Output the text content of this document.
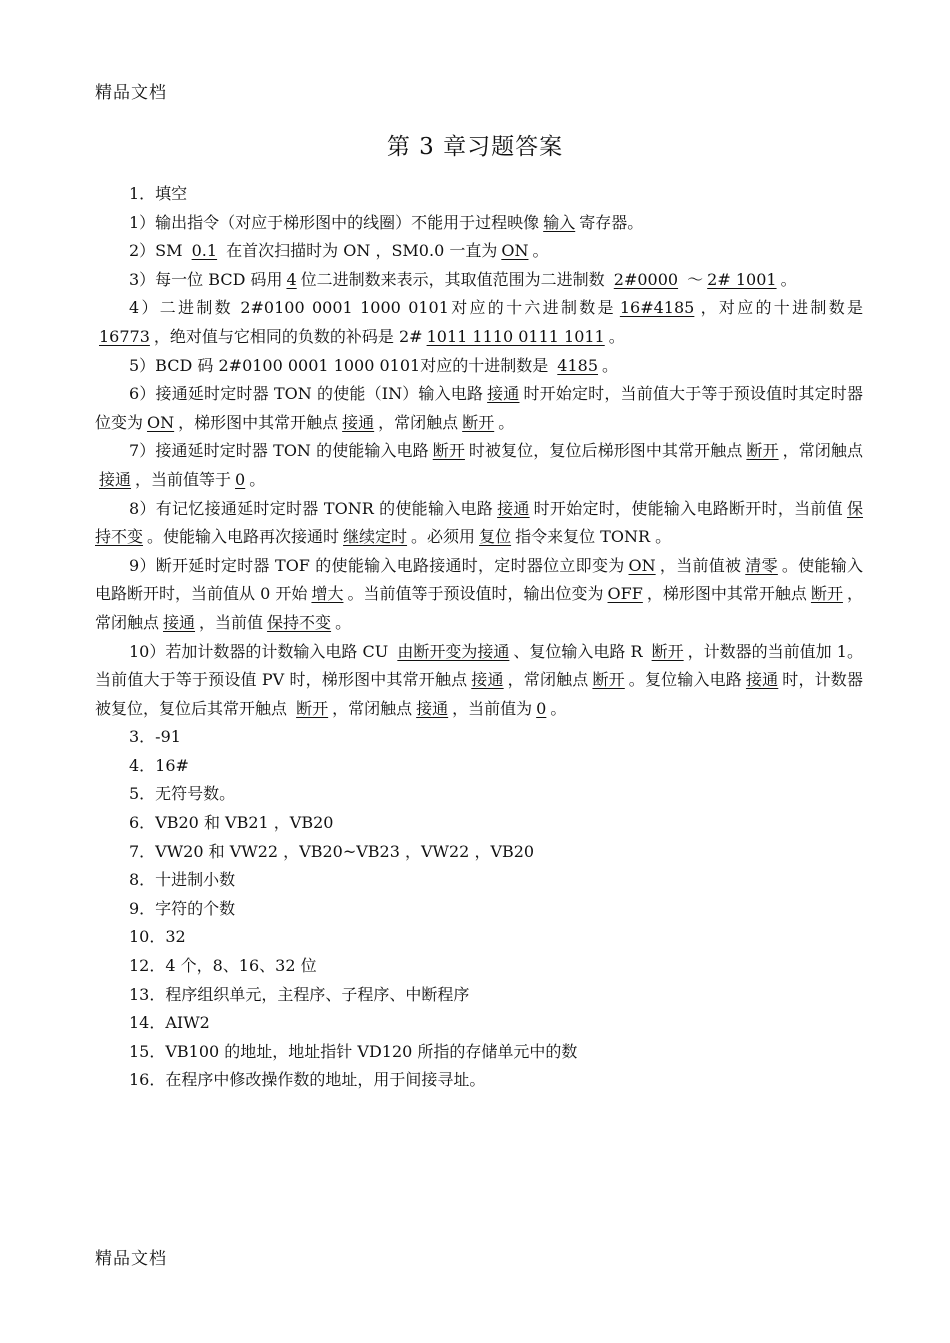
精品文档
第 3 章习题答案

1．填空

1）输出指令（对应于梯形图中的线圈）不能用于过程映像 输入 寄存器。

2）SM 0.1 在首次扫描时为 ON ，SM0.0 一直为 ON 。

3）每一位 BCD 码用 4 位二进制数来表示，其取值范围为二进制数 2#0000 ～ 2# 1001 。

4）二进制数 2#0100 0001 1000 0101对应的十六进制数是 16#4185 ，对应的十进制数是16773 ，绝对值与它相同的负数的补码是 2# 1011 1110 0111 1011 。

5）BCD 码 2#0100 0001 1000 0101对应的十进制数是 4185 。

6）接通延时定时器 TON 的使能（IN）输入电路 接通 时开始定时，当前值大于等于预设值时其定时器位变为 ON ，梯形图中其常开触点 接通 ，常闭触点 断开 。

7）接通延时定时器 TON 的使能输入电路 断开 时被复位，复位后梯形图中其常开触点 断开 ，常闭触点接通 ，当前值等于 0 。

8）有记忆接通延时定时器 TONR 的使能输入电路 接通 时开始定时，使能输入电路断开时，当前值 保持不变 。使能输入电路再次接通时 继续定时 。必须用 复位 指令来复位 TONR 。

9）断开延时定时器 TOF 的使能输入电路接通时，定时器位立即变为 ON ，当前值被 清零 。使能输入电路断开时，当前值从 0 开始 增大 。当前值等于预设值时，输出位变为 OFF ，梯形图中其常开触点 断开 ，常闭触点 接通 ，当前值 保持不变 。

10）若加计数器的计数输入电路 CU 由断开变为接通 、复位输入电路 R 断开 ，计数器的当前值加 1。当前值大于等于预设值 PV 时，梯形图中其常开触点 接通 ，常闭触点 断开 。复位输入电路 接通 时，计数器被复位，复位后其常开触点 断开 ，常闭触点 接通 ，当前值为 0 。

3．-91

4．16#

5．无符号数。

6．VB20 和 VB21 ，VB20

7．VW20 和 VW22 ，VB20~VB23 ，VW22 ，VB20

8．十进制小数

9．字符的个数

10．32

12．4 个，8、16、32 位

13．程序组织单元，主程序、子程序、中断程序

14．AIW2

15．VB100 的地址，地址指针 VD120 所指的存储单元中的数

16．在程序中修改操作数的地址，用于间接寻址。

精品文档
